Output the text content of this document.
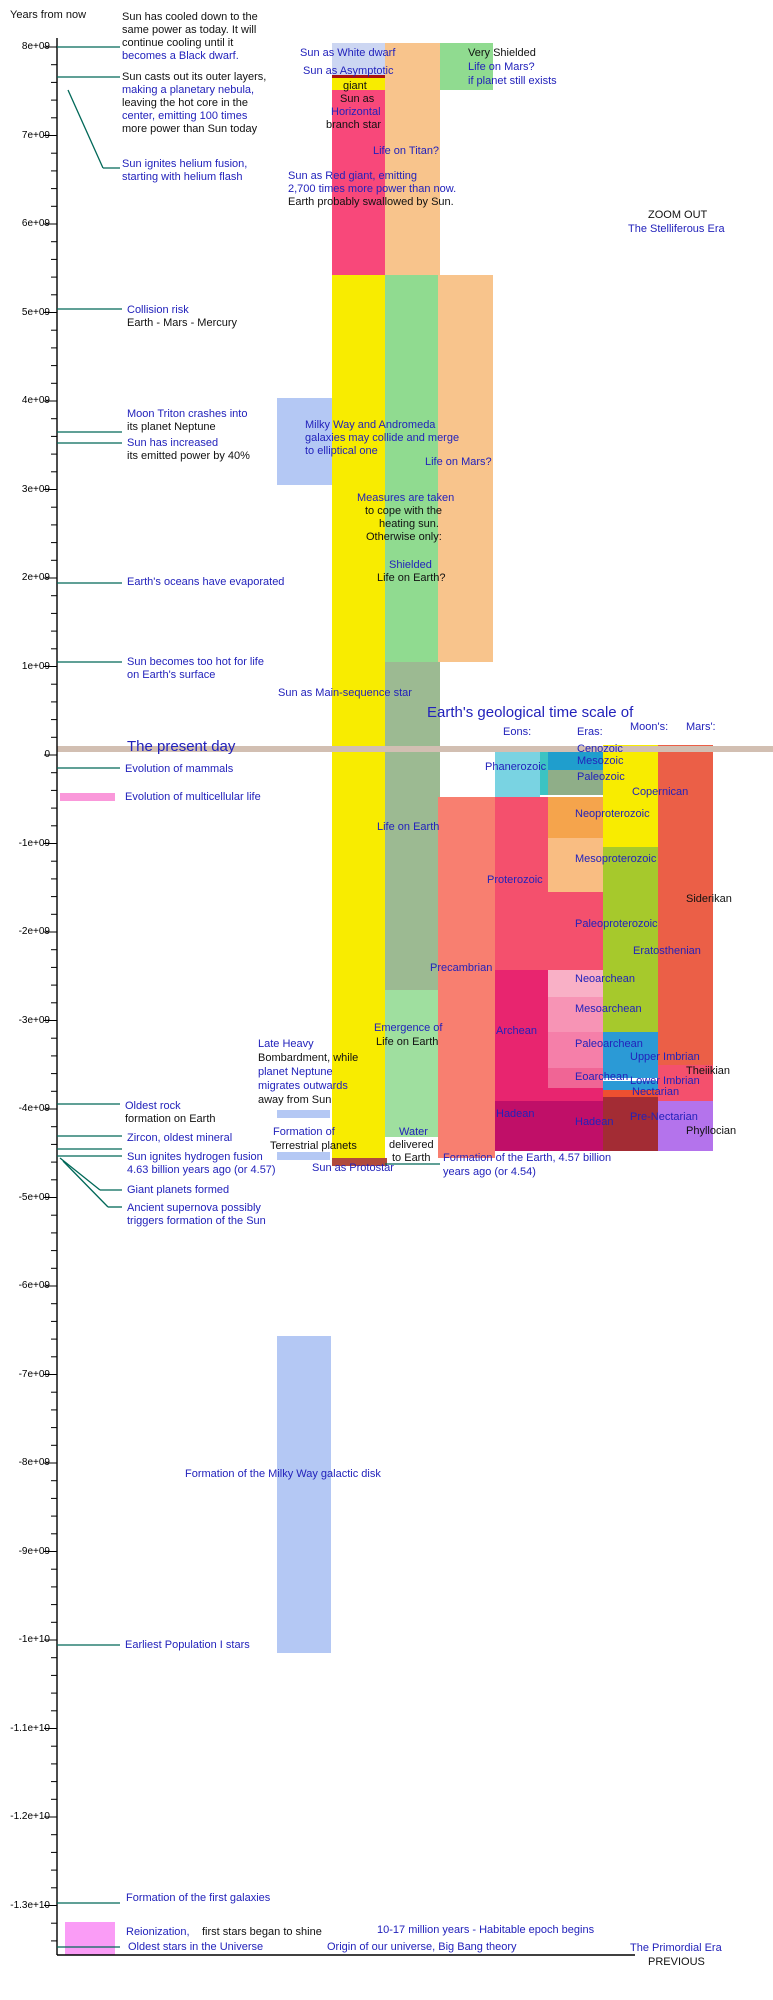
8e+09
7e+09
6e+09
5e+09
4e+09
3e+09
2e+09
1e+09
0
-1e+09
-2e+09
-3e+09
-4e+09
-5e+09
-6e+09
-7e+09
-8e+09
-9e+09
-1e+10
-1.1e+10
-1.2e+10
-1.3e+10
Years from now	Sun has cooled down to the
same power as today. It will
continue cooling until it
becomes a Black dwarf.
Sun casts out its outer layers,
making a planetary nebula,
leaving the hot core in the
center, emitting 100 times
more power than Sun today
Sun ignites helium fusion,
starting with helium flash
Sun as White dwarf
Sun as Asymptotic
giant
Sun as
Horizontal
branch star
Life on Titan?
Sun as Red giant, emitting
2,700 times more power than now.
Earth probably swallowed by Sun.
Very Shielded
Life on Mars?
if planet still exists
ZOOM OUT
The Stelliferous Era
Collision risk
Earth - Mars - Mercury
Moon Triton crashes into
its planet Neptune
Sun has increased
its emitted power by 40%
Milky Way and Andromeda
galaxies may collide and merge
to elliptical one
Life on Mars?
Measures are taken
to cope with the
heating sun.
Otherwise only:
Shielded
Life on Earth?
Earth's oceans have evaporated
Sun becomes too hot for life
on Earth's surface
Sun as Main-sequence star
Earth's geological time scale of
Eons:	Eras: Moon's: Mars':
The present day
Evolution of mammals
Evolution of multicellular life
Cenozoic
Mesozoic
Paleozoic
Phanerozoic
Copernican
Neoproterozoic
Life on Earth
Mesoproterozoic
Proterozoic
Siderikan
Paleoproterozoic
Eratosthenian
Precambrian
Neoarchean
Mesoarchean
Archean
Paleoarchean
Upper Imbrian
Theiikian
Eoarchean Lower Imbrian
Nectarian
Emergence of
Life on Earth
Late Heavy
Bombardment, while
planet Neptune
migrates outwards
away from Sun
Hadean
Hadean Pre-Nectarian
Phyllocian
Oldest rock
formation on Earth
Zircon, oldest mineral
Sun ignites hydrogen fusion
4.63 billion years ago (or 4.57)
Formation of
Terrestrial planets
Water
delivered
to Earth
Sun as Protostar
Formation of the Earth, 4.57 billion
years ago (or 4.54)
Giant planets formed
Ancient supernova possibly
triggers formation of the Sun
Formation of the Milky Way galactic disk
Earliest Population I stars
Formation of the first galaxies
Reionization, first stars began to shine
Oldest stars in the Universe
10-17 million years - Habitable epoch begins
Origin of our universe, Big Bang theory	The Primordial Era
PREVIOUS
